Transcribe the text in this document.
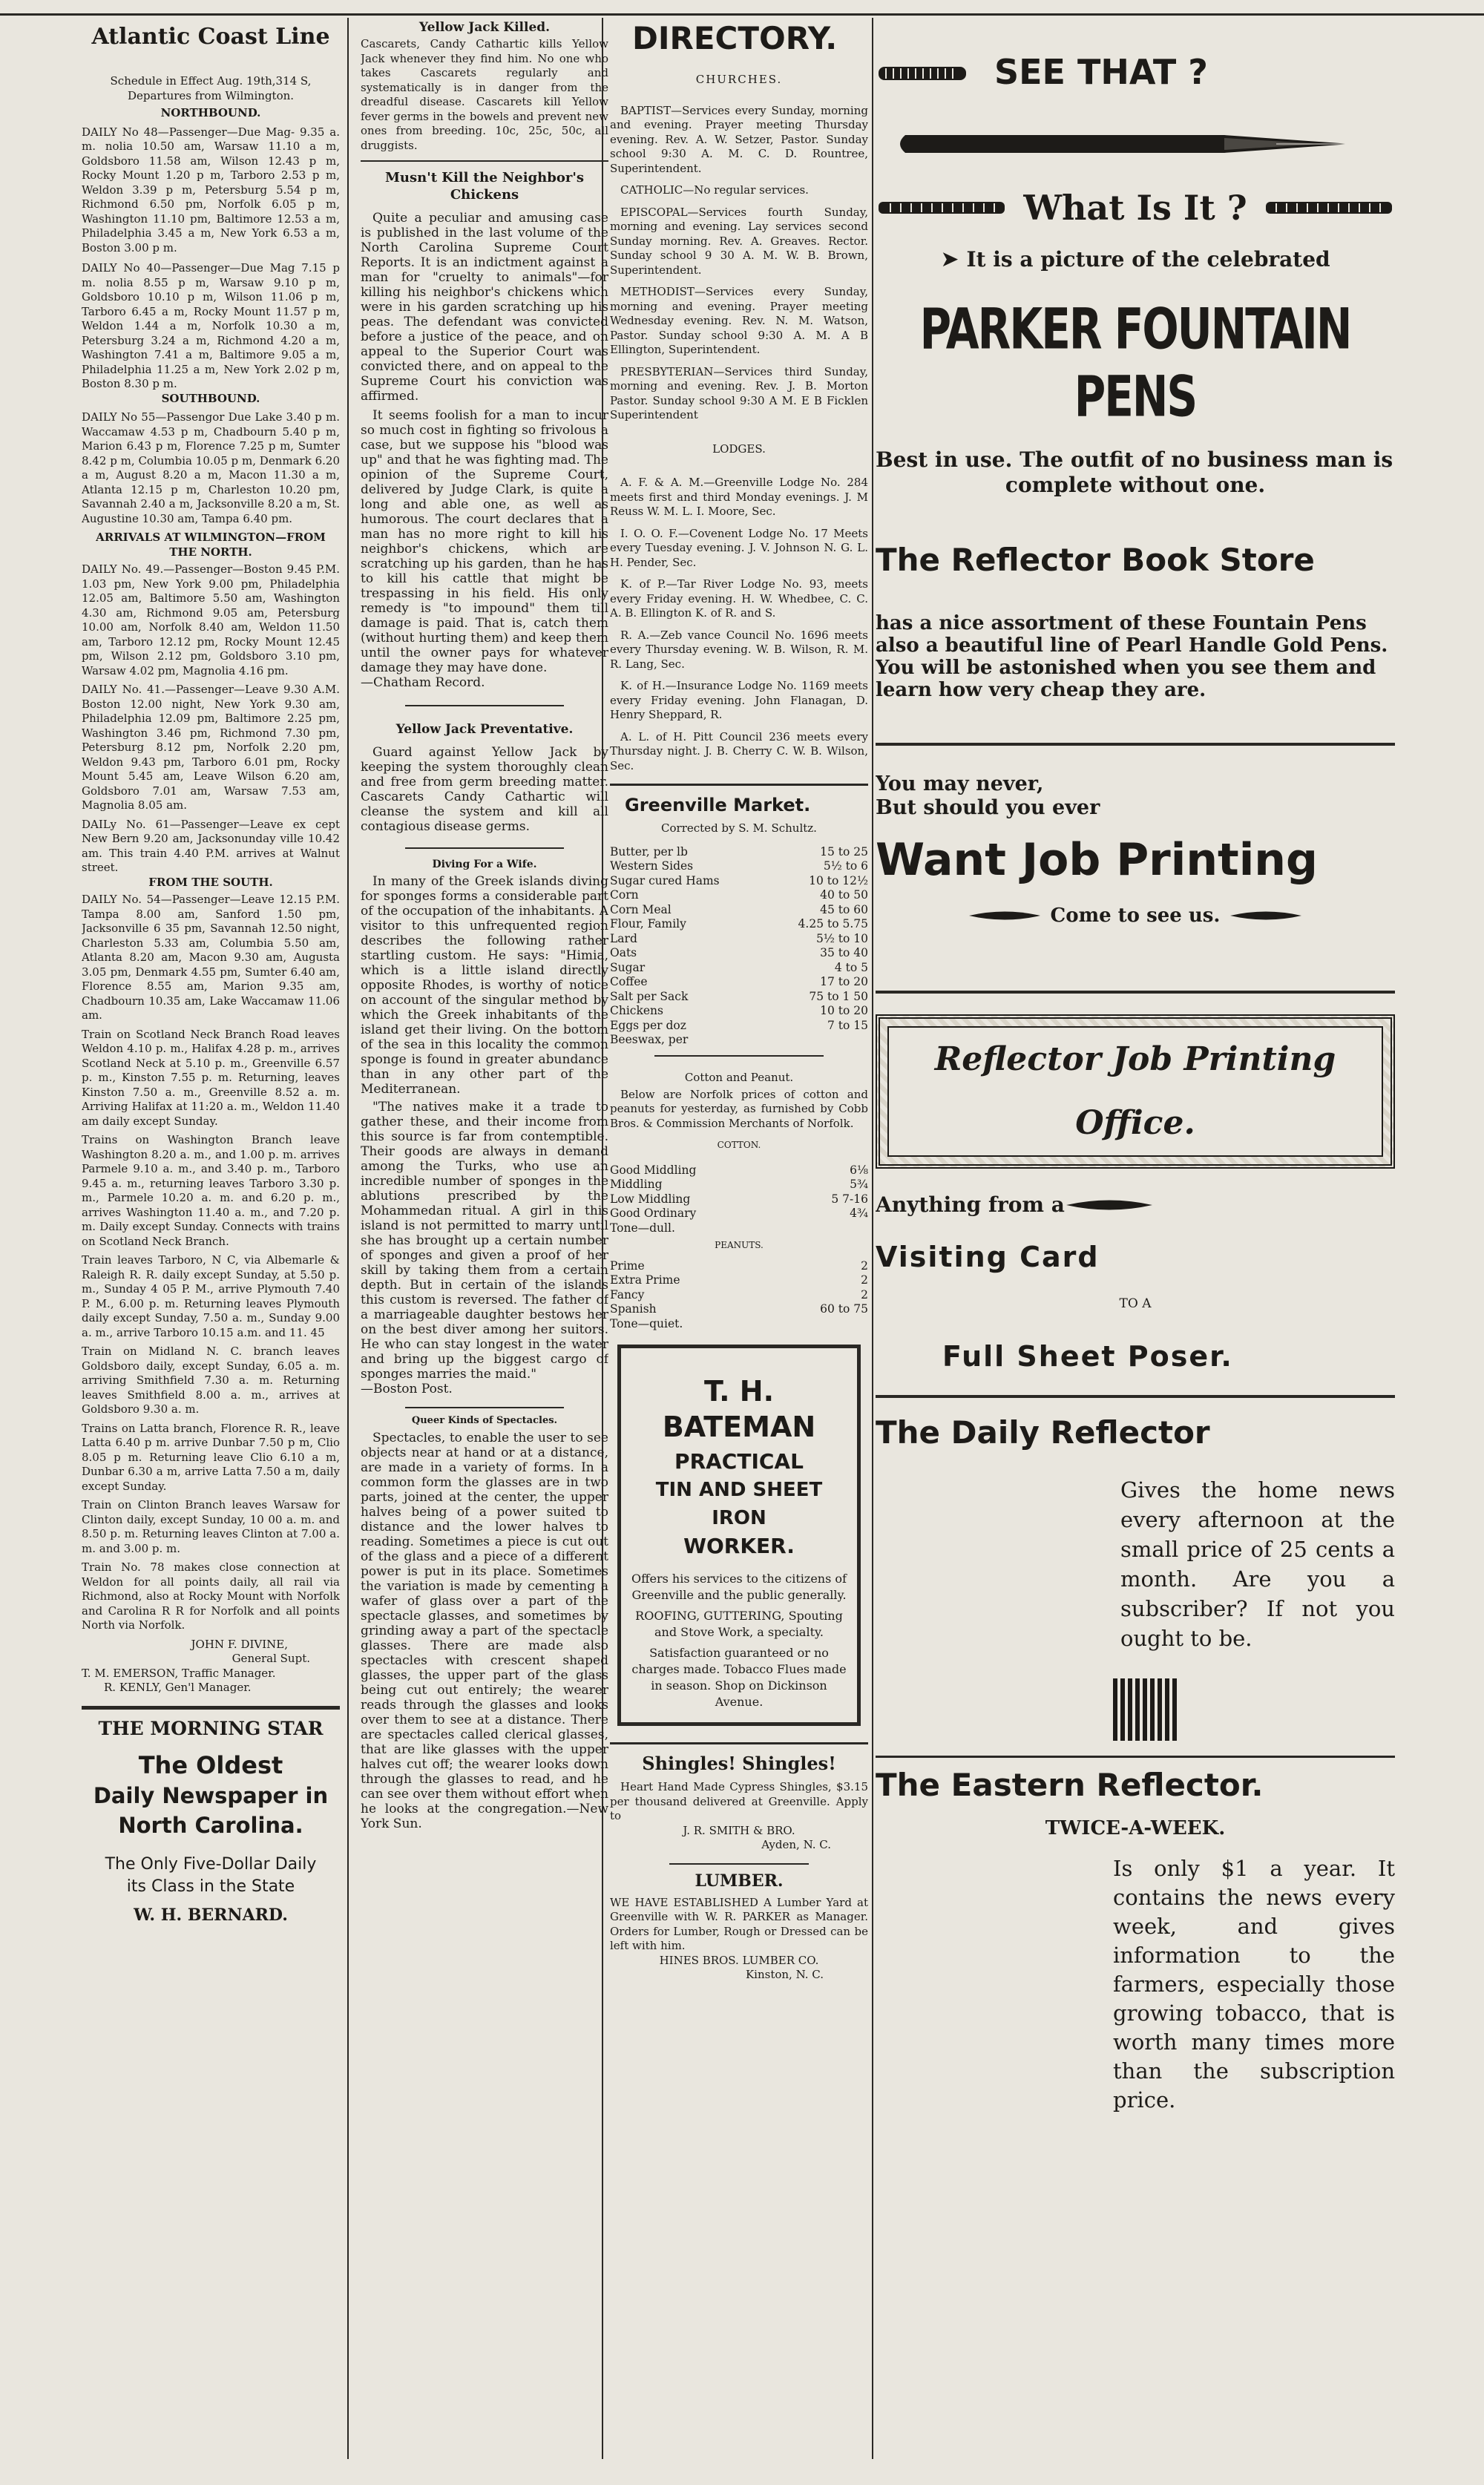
Atlantic Coast Line

Schedule in Effect Aug. 19th,314 S,

Departures from Wilmington.

NORTHBOUND.

DAILY No 48—Passenger—Due Mag- 9.35 a. m. nolia 10.50 am, Warsaw 11.10 a m, Goldsboro 11.58 am, Wilson 12.43 p m, Rocky Mount 1.20 p m, Tarboro 2.53 p m, Weldon 3.39 p m, Petersburg 5.54 p m, Richmond 6.50 pm, Norfolk 6.05 p m, Washington 11.10 pm, Baltimore 12.53 a m, Philadelphia 3.45 a m, New York 6.53 a m, Boston 3.00 p m.

DAILY No 40—Passenger—Due Mag 7.15 p m. nolia 8.55 p m, Warsaw 9.10 p m, Goldsboro 10.10 p m, Wilson 11.06 p m, Tarboro 6.45 a m, Rocky Mount 11.57 p m, Weldon 1.44 a m, Norfolk 10.30 a m, Petersburg 3.24 a m, Richmond 4.20 a m, Washington 7.41 a m, Baltimore 9.05 a m, Philadelphia 11.25 a m, New York 2.02 p m, Boston 8.30 p m.

SOUTHBOUND.

DAILY No 55—Passengor Due Lake 3.40 p m. Waccamaw 4.53 p m, Chadbourn 5.40 p m, Marion 6.43 p m, Florence 7.25 p m, Sumter 8.42 p m, Columbia 10.05 p m, Denmark 6.20 a m, August 8.20 a m, Macon 11.30 a m, Atlanta 12.15 p m, Charleston 10.20 pm, Savannah 2.40 a m, Jacksonville 8.20 a m, St. Augustine 10.30 am, Tampa 6.40 pm.

ARRIVALS AT WILMINGTON—FROM THE NORTH.

DAILY No. 49.—Passenger—Boston 9.45 P.M. 1.03 pm, New York 9.00 pm, Philadelphia 12.05 am, Baltimore 5.50 am, Washington 4.30 am, Richmond 9.05 am, Petersburg 10.00 am, Norfolk 8.40 am, Weldon 11.50 am, Tarboro 12.12 pm, Rocky Mount 12.45 pm, Wilson 2.12 pm, Goldsboro 3.10 pm, Warsaw 4.02 pm, Magnolia 4.16 pm.

DAILY No. 41.—Passenger—Leave 9.30 A.M. Boston 12.00 night, New York 9.30 am, Philadelphia 12.09 pm, Baltimore 2.25 pm, Washington 3.46 pm, Richmond 7.30 pm, Petersburg 8.12 pm, Norfolk 2.20 pm, Weldon 9.43 pm, Tarboro 6.01 pm, Rocky Mount 5.45 am, Leave Wilson 6.20 am, Goldsboro 7.01 am, Warsaw 7.53 am, Magnolia 8.05 am.

DAILy No. 61—Passenger—Leave ex cept New Bern 9.20 am, Jacksonunday ville 10.42 am. This train 4.40 P.M. arrives at Walnut street.

FROM THE SOUTH.

DAILY No. 54—Passenger—Leave 12.15 P.M. Tampa 8.00 am, Sanford 1.50 pm, Jacksonville 6 35 pm, Savannah 12.50 night, Charleston 5.33 am, Columbia 5.50 am, Atlanta 8.20 am, Macon 9.30 am, Augusta 3.05 pm, Denmark 4.55 pm, Sumter 6.40 am, Florence 8.55 am, Marion 9.35 am, Chadbourn 10.35 am, Lake Waccamaw 11.06 am.

Train on Scotland Neck Branch Road leaves Weldon 4.10 p. m., Halifax 4.28 p. m., arrives Scotland Neck at 5.10 p. m., Greenville 6.57 p. m., Kinston 7.55 p. m. Returning, leaves Kinston 7.50 a. m., Greenville 8.52 a. m. Arriving Halifax at 11:20 a. m., Weldon 11.40 am daily except Sunday.

Trains on Washington Branch leave Washington 8.20 a. m., and 1.00 p. m. arrives Parmele 9.10 a. m., and 3.40 p. m., Tarboro 9.45 a. m., returning leaves Tarboro 3.30 p. m., Parmele 10.20 a. m. and 6.20 p. m., arrives Washington 11.40 a. m., and 7.20 p. m. Daily except Sunday. Connects with trains on Scotland Neck Branch.

Train leaves Tarboro, N C, via Albemarle & Raleigh R. R. daily except Sunday, at 5.50 p. m., Sunday 4 05 P. M., arrive Plymouth 7.40 P. M., 6.00 p. m. Returning leaves Plymouth daily except Sunday, 7.50 a. m., Sunday 9.00 a. m., arrive Tarboro 10.15 a.m. and 11. 45

Train on Midland N. C. branch leaves Goldsboro daily, except Sunday, 6.05 a. m. arriving Smithfield 7.30 a. m. Returning leaves Smithfield 8.00 a. m., arrives at Goldsboro 9.30 a. m.

Trains on Latta branch, Florence R. R., leave Latta 6.40 p m. arrive Dunbar 7.50 p m, Clio 8.05 p m. Returning leave Clio 6.10 a m, Dunbar 6.30 a m, arrive Latta 7.50 a m, daily except Sunday.

Train on Clinton Branch leaves Warsaw for Clinton daily, except Sunday, 10 00 a. m. and 8.50 p. m. Returning leaves Clinton at 7.00 a. m. and 3.00 p. m.

Train No. 78 makes close connection at Weldon for all points daily, all rail via Richmond, also at Rocky Mount with Norfolk and Carolina R R for Norfolk and all points North via Norfolk.

JOHN F. DIVINE,

General Supt.

T. M. EMERSON, Traffic Manager.

R. KENLY, Gen'l Manager.

THE MORNING STAR
The Oldest
Daily Newspaper in
North Carolina.
The Only Five-Dollar Daily
its Class in the State
W. H. BERNARD.
Yellow Jack Killed.

Cascarets, Candy Cathartic kills Yellow Jack whenever they find him. No one who takes Cascarets regularly and systematically is in danger from the dreadful disease. Cascarets kill Yellow fever germs in the bowels and prevent new ones from breeding. 10c, 25c, 50c, all druggists.

Musn't Kill the Neighbor's Chickens

Quite a peculiar and amusing case is published in the last volume of the North Carolina Supreme Court Reports. It is an indictment against a man for "cruelty to animals"—for killing his neighbor's chickens which were in his garden scratching up his peas. The defendant was convicted before a justice of the peace, and on appeal to the Superior Court was convicted there, and on appeal to the Supreme Court his conviction was affirmed.

It seems foolish for a man to incur so much cost in fighting so frivolous a case, but we suppose his "blood was up" and that he was fighting mad. The opinion of the Supreme Court, delivered by Judge Clark, is quite a long and able one, as well as humorous. The court declares that a man has no more right to kill his neighbor's chickens, which are scratching up his garden, than he has to kill his cattle that might be trespassing in his field. His only remedy is "to impound" them till damage is paid. That is, catch them (without hurting them) and keep them until the owner pays for whatever damage they may have done.

—Chatham Record.

Yellow Jack Preventative.

Guard against Yellow Jack by keeping the system thoroughly clean and free from germ breeding matter. Cascarets Candy Cathartic will cleanse the system and kill all contagious disease germs.

Diving For a Wife.

In many of the Greek islands diving for sponges forms a considerable part of the occupation of the inhabitants. A visitor to this unfrequented region describes the following rather startling custom. He says: "Himia, which is a little island directly opposite Rhodes, is worthy of notice on account of the singular method by which the Greek inhabitants of the island get their living. On the bottom of the sea in this locality the common sponge is found in greater abundance than in any other part of the Mediterranean.

"The natives make it a trade to gather these, and their income from this source is far from contemptible. Their goods are always in demand among the Turks, who use an incredible number of sponges in the ablutions prescribed by the Mohammedan ritual. A girl in this island is not permitted to marry until she has brought up a certain number of sponges and given a proof of her skill by taking them from a certain depth. But in certain of the islands this custom is reversed. The father of a marriageable daughter bestows her on the best diver among her suitors. He who can stay longest in the water and bring up the biggest cargo of sponges marries the maid."

—Boston Post.

Queer Kinds of Spectacles.

Spectacles, to enable the user to see objects near at hand or at a distance, are made in a variety of forms. In a common form the glasses are in two parts, joined at the center, the upper halves being of a power suited to distance and the lower halves to reading. Sometimes a piece is cut out of the glass and a piece of a different power is put in its place. Sometimes the variation is made by cementing a wafer of glass over a part of the spectacle glasses, and sometimes by grinding away a part of the spectacle glasses. There are made also spectacles with crescent shaped glasses, the upper part of the glass being cut out entirely; the wearer reads through the glasses and looks over them to see at a distance. There are spectacles called clerical glasses, that are like glasses with the upper halves cut off; the wearer looks down through the glasses to read, and he can see over them without effort when he looks at the congregation.—New York Sun.

DIRECTORY.

CHURCHES.

BAPTIST—Services every Sunday, morning and evening. Prayer meeting Thursday evening. Rev. A. W. Setzer, Pastor. Sunday school 9:30 A. M. C. D. Rountree, Superintendent.

CATHOLIC—No regular services.

EPISCOPAL—Services fourth Sunday, morning and evening. Lay services second Sunday morning. Rev. A. Greaves. Rector. Sunday school 9 30 A. M. W. B. Brown, Superintendent.

METHODIST—Services every Sunday, morning and evening. Prayer meeting Wednesday evening. Rev. N. M. Watson, Pastor. Sunday school 9:30 A. M. A B Ellington, Superintendent.

PRESBYTERIAN—Services third Sunday, morning and evening. Rev. J. B. Morton Pastor. Sunday school 9:30 A M. E B Ficklen Superintendent

LODGES.

A. F. & A. M.—Greenville Lodge No. 284 meets first and third Monday evenings. J. M Reuss W. M. L. I. Moore, Sec.

I. O. O. F.—Covenent Lodge No. 17 Meets every Tuesday evening. J. V. Johnson N. G. L. H. Pender, Sec.

K. of P.—Tar River Lodge No. 93, meets every Friday evening. H. W. Whedbee, C. C. A. B. Ellington K. of R. and S.

R. A.—Zeb vance Council No. 1696 meets every Thursday evening. W. B. Wilson, R. M. R. Lang, Sec.

K. of H.—Insurance Lodge No. 1169 meets every Friday evening. John Flanagan, D. Henry Sheppard, R.

A. L. of H. Pitt Council 236 meets every Thursday night. J. B. Cherry C. W. B. Wilson, Sec.

Greenville Market.

Corrected by S. M. Schultz.

Butter, per lb	15 to 25
Western Sides	5½ to 6
Sugar cured Hams	10 to 12½
Corn	40 to 50
Corn Meal	45 to 60
Flour, Family	4.25 to 5.75
Lard	5½ to 10
Oats	35 to 40
Sugar	4 to 5
Coffee	17 to 20
Salt per Sack	75 to 1 50
Chickens	10 to 20
Eggs per doz	7 to 15
Beeswax, per
Cotton and Peanut.

Below are Norfolk prices of cotton and peanuts for yesterday, as furnished by Cobb Bros. & Commission Merchants of Norfolk.

COTTON.

Good Middling	6⅛
Middling	5¾
Low Middling	5 7-16
Good Ordinary	4¾
Tone—dull.

PEANUTS.

Prime	2
Extra Prime	2
Fancy	2
Spanish	60 to 75
Tone—quiet.
T. H. BATEMAN
PRACTICAL
TIN AND SHEET IRON
WORKER.

Offers his services to the citizens of Greenville and the public generally.

ROOFING, GUTTERING, Spouting and Stove Work, a specialty.

Satisfaction guaranteed or no charges made. Tobacco Flues made in season. Shop on Dickinson Avenue.

Shingles! Shingles!

Heart Hand Made Cypress Shingles, $3.15 per thousand delivered at Greenville. Apply to

J. R. SMITH & BRO.

Ayden, N. C.

LUMBER.

WE HAVE ESTABLISHED A Lumber Yard at Greenville with W. R. PARKER as Manager. Orders for Lumber, Rough or Dressed can be left with him.

HINES BROS. LUMBER CO.

Kinston, N. C.

SEE THAT ?
What Is It ?
➤ It is a picture of the celebrated
PARKER FOUNTAIN PENS

Best in use. The outfit of no business man is

complete without one.

The Reflector Book Store

has a nice assortment of these Fountain Pens also a beautiful line of Pearl Handle Gold Pens. You will be astonished when you see them and learn how very cheap they are.

You may never,

But should you ever

Want Job Printing
Come to see us.
Reflector Job Printing Office.
Anything from a
Visiting Card
TO A
Full Sheet Poser.
The Daily Reflector

Gives the home news every afternoon at the small price of 25 cents a month. Are you a subscriber? If not you ought to be.

The Eastern Reflector.
TWICE-A-WEEK.

Is only $1 a year. It contains the news every week, and gives information to the farmers, especially those growing tobacco, that is worth many times more than the subscription price.
